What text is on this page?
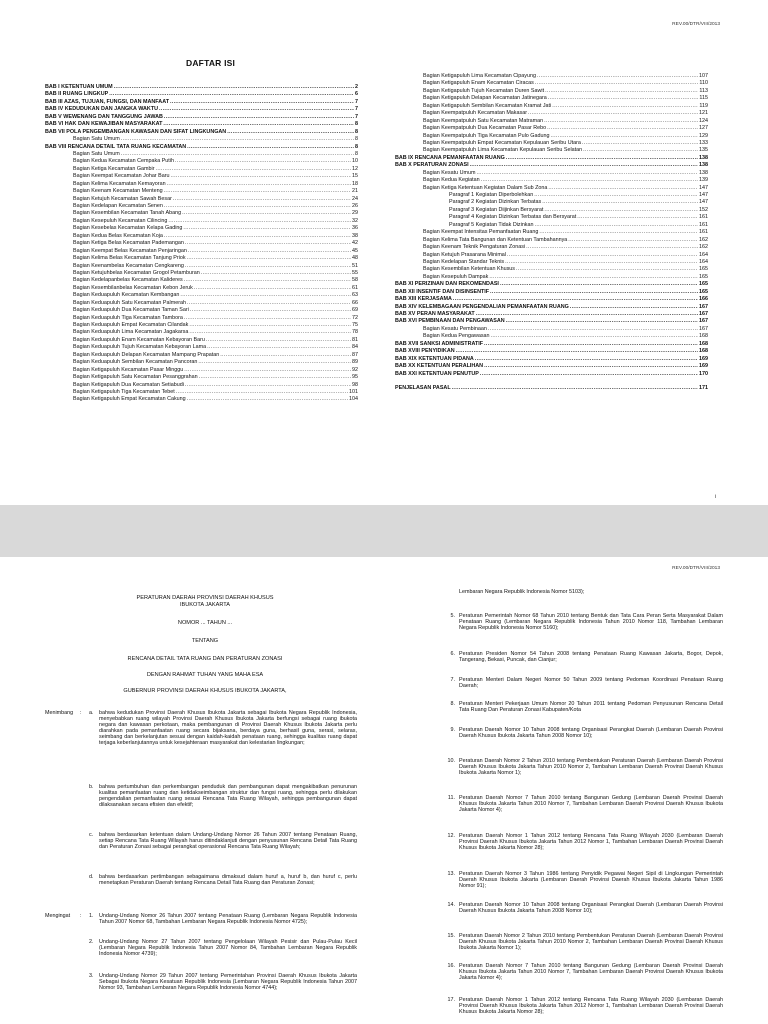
REV.00/DTR/VIII/2013
DAFTAR ISI
BAB I KETENTUAN UMUM .....	2
BAB II RUANG LINGKUP .....	6
BAB III AZAS, TUJUAN, FUNGSI, DAN MANFAAT .....	7
BAB IV KEDUDUKAN DAN JANGKA WAKTU .....	7
BAB V WEWENANG DAN TANGGUNG JAWAB .....	7
BAB VI HAK DAN KEWAJIBAN MASYARAKAT .....	8
BAB VII POLA PENGEMBANGAN KAWASAN DAN SIFAT LINGKUNGAN .....	8
Bagian Satu Umum .....	8
BAB VIII RENCANA DETAIL TATA RUANG KECAMATAN .....	8
Bagian Satu Umum .....	8
Bagian Kedua Kecamatan Cempaka Putih .....	10
Bagian Ketiga Kecamatan Gambir .....	12
Bagian Keempat Kecamatan Johar Baru .....	15
Bagian Kelima Kecamatan Kemayoran .....	18
Bagian Keenam Kecamatan Menteng .....	21
Bagian Ketujuh Kecamatan Sawah Besar .....	24
Bagian Kedelapan Kecamatan Senen .....	26
Bagian Kesembilan Kecamatan Tanah Abang .....	29
Bagian Kesepuluh Kecamatan Cilincing .....	32
Bagian Kesebelas Kecamatan Kelapa Gading .....	36
Bagian Kedua Belas Kecamatan Koja .....	38
Bagian Ketiga Belas Kecamatan Pademangan .....	42
Bagian Keempat Belas Kecamatan Penjaringan .....	45
Bagian Kelima Belas Kecamatan Tanjung Priok .....	48
Bagian Keenambelas Kecamatan Cengkareng .....	51
Bagian Ketujuhbelas Kecamatan Grogol Petamburan .....	55
Bagian Kedelapanbelas Kecamatan Kalideres .....	58
Bagian Kesembilanbelas Kecamatan Kebon Jeruk .....	61
Bagian Keduapuluh Kecamatan Kembangan .....	63
Bagian Keduapuluh Satu Kecamatan Palmerah .....	66
Bagian Keduapuluh Dua Kecamatan Taman Sari .....	69
Bagian Keduapuluh Tiga Kecamatan Tambora .....	72
Bagian Keduapuluh Empat Kecamatan Cilandak .....	75
Bagian Keduapuluh Lima Kecamatan Jagakarsa .....	78
Bagian Keduapuluh Enam Kecamatan Kebayoran Baru .....	81
Bagian Keduapuluh Tujuh Kecamatan Kebayoran Lama .....	84
Bagian Keduapuluh Delapan Kecamatan Mampang Prapatan .....	87
Bagian Keduapuluh Sembilan Kecamatan Pancoran .....	89
Bagian Ketigapuluh Kecamatan Pasar Minggu .....	92
Bagian Ketigapuluh Satu Kecamatan Pesanggrahan .....	95
Bagian Ketigapuluh Dua Kecamatan Setiabudi .....	98
Bagian Ketigapuluh Tiga Kecamatan Tebet .....	101
Bagian Ketigapuluh Empat Kecamatan Cakung .....	104
Bagian Ketigapuluh Lima Kecamatan Cipayung .....	107
Bagian Ketigapuluh Enam Kecamatan Ciracas .....	110
Bagian Ketigapuluh Tujuh Kecamatan Duren Sawit .....	113
Bagian Ketigapuluh Delapan Kecamatan Jatinegara .....	115
Bagian Ketigapuluh Sembilan Kecamatan Kramat Jati .....	119
Bagian Keempatpuluh Kecamatan Makasar .....	121
Bagian Keempatpuluh Satu Kecamatan Matraman .....	124
Bagian Keempatpuluh Dua Kecamatan Pasar Rebo .....	127
Bagian Keempatpuluh Tiga Kecamatan Pulo Gadung .....	129
Bagian Keempatpuluh Empat Kecamatan Kepulauan Seribu Utara .....	133
Bagian Keempatpuluh Lima Kecamatan Kepulauan Seribu Selatan .....	135
BAB IX RENCANA PEMANFAATAN RUANG .....	138
BAB X PERATURAN ZONASI .....	138
Bagian Kesatu Umum .....	138
Bagian Kedua Kegiatan .....	139
Bagian Ketiga Ketentuan Kegiatan Dalam Sub Zona .....	147
Paragraf 1 Kegiatan Diperbolehkan .....	147
Paragraf 2 Kegiatan Dizinkan Terbatas .....	147
Paragraf 3 Kegiatan Diijinkan Bersyarat .....	152
Paragraf 4 Kegiatan Dizinkan Terbatas dan Bersyarat .....	161
Paragraf 5 Kegiatan Tidak Dizinkan .....	161
Bagian Keempat Intensitas Pemanfaatan Ruang .....	161
Bagian Kelima Tata Bangunan dan Ketentuan Tambahannya .....	162
Bagian Keenam Teknik Pengaturan Zonasi .....	162
Bagian Ketujuh Prasarana Minimal .....	164
Bagian Kedelapan Standar Teknis .....	164
Bagian Kesembilan Ketentuan Khusus .....	165
Bagian Kesepuluh Dampak .....	165
BAB XI PERIZINAN DAN REKOMENDASI .....	165
BAB XII INSENTIF DAN DISINSENTIF .....	165
BAB XIII KERJASAMA .....	166
BAB XIV KELEMBAGAAN PENGENDALIAN PEMANFAATAN RUANG .....	167
BAB XV PERAN MASYARAKAT .....	167
BAB XVI PEMBINAAN DAN PENGAWASAN .....	167
Bagian Kesatu Pembinaan .....	167
Bagian Kedua Pengawasan .....	168
BAB XVII SANKSI ADMINISTRATIF .....	168
BAB XVIII PENYIDIKAN .....	168
BAB XIX KETENTUAN PIDANA .....	169
BAB XX KETENTUAN PERALIHAN .....	169
BAB XXI KETENTUAN PENUTUP .....	170
PENJELASAN PASAL .....	171
i
REV.00/DTR/VIII/2013
PERATURAN DAERAH PROVINSI DAERAH KHUSUS
IBUKOTA JAKARTA
NOMOR ... TAHUN ...
TENTANG
RENCANA DETAIL TATA RUANG DAN PERATURAN ZONASI
DENGAN RAHMAT TUHAN YANG MAHA ESA
GUBERNUR PROVINSI DAERAH KHUSUS IBUKOTA JAKARTA,
Menimbang	:	a.	bahwa kedudukan Provinsi Daerah Khusus Ibukota Jakarta sebagai Ibukota Negara Republik Indonesia, menyebabkan ruang wilayah Provinsi Daerah Khusus Ibukota Jakarta berfungsi sebagai ruang ibukota negara dan kawasan perkotaan, maka pembangunan di Provinsi Daerah Khusus Ibukota Jakarta perlu diarahkan pada pemanfaatan ruang secara bijaksana, berdaya guna, berhasil guna, serasi, selaras, seimbang dan berkelanjutan sesuai dengan kaidah-kaidah penataan ruang, sehingga kualitas ruang dapat terjaga keberlanjutannya untuk kesejahteraan masyarakat dan kelestarian lingkungan;
b.	bahwa pertumbuhan dan perkembangan penduduk dan pembangunan dapat mengakibatkan penurunan kualitas pemanfaatan ruang dan ketidakseimbangan struktur dan fungsi ruang, sehingga perlu dilakukan pengendalian pemanfaatan ruang sesuai Rencana Tata Ruang Wilayah, sehingga pembangunan dapat dilaksanakan secara efisien dan efektif;
c.	bahwa berdasarkan ketentuan dalam Undang-Undang Nomor 26 Tahun 2007 tentang Penataan Ruang, setiap Rencana Tata Ruang Wilayah harus ditindaklanjuti dengan penyusunan Rencana Detail Tata Ruang dan Peraturan Zonasi sebagai perangkat operasional Rencana Tata Ruang Wilayah;
d.	bahwa berdasarkan pertimbangan sebagaimana dimaksud dalam huruf a, huruf b, dan huruf c, perlu menetapkan Peraturan Daerah tentang Rencana Detail Tata Ruang dan Peraturan Zonasi;
Mengingat	:	1.	Undang-Undang Nomor 26 Tahun 2007 tentang Penataan Ruang (Lembaran Negara Republik Indonesia Tahun 2007 Nomor 68, Tambahan Lembaran Negara Republik Indonesia Nomor 4725);
2.	Undang-Undang Nomor 27 Tahun 2007 tentang Pengelolaan Wilayah Pesisir dan Pulau-Pulau Kecil (Lembaran Negara Republik Indonesia Tahun 2007 Nomor 84, Tambahan Lembaran Negara Republik Indonesia Nomor 4739);
3.	Undang-Undang Nomor 29 Tahun 2007 tentang Pemerintahan Provinsi Daerah Khusus Ibukota Jakarta Sebagai Ibukota Negara Kesatuan Republik Indonesia (Lembaran Negara Republik Indonesia Tahun 2007 Nomor 93, Tambahan Lembaran Negara Republik Indonesia Nomor 4744);
Lembaran Negara Republik Indonesia Nomor 5103);
5. Peraturan Pemerintah Nomor 68 Tahun 2010 tentang Bentuk dan Tata Cara Peran Serta Masyarakat Dalam Penataan Ruang (Lembaran Negara Republik Indonesia Tahun 2010 Nomor 118, Tambahan Lembaran Negara Republik Indonesia Nomor 5160);
6. Peraturan Presiden Nomor 54 Tahun 2008 tentang Penataan Ruang Kawasan Jakarta, Bogor, Depok, Tangerang, Bekasi, Puncak, dan Cianjur;
7. Peraturan Menteri Dalam Negeri Nomor 50 Tahun 2009 tentang Pedoman Koordinasi Penataan Ruang Daerah;
8. Peraturan Menteri Pekerjaan Umum Nomor 20 Tahun 2011 tentang Pedoman Penyusunan Rencana Detail Tata Ruang Dan Peraturan Zonasi Kabupaten/Kota
9. Peraturan Daerah Nomor 10 Tahun 2008 tentang Organisasi Perangkat Daerah (Lembaran Daerah Provinsi Daerah Khusus Ibukota Jakarta Tahun 2008 Nomor 10);
10. Peraturan Daerah Nomor 2 Tahun 2010 tentang Pembentukan Peraturan Daerah (Lembaran Daerah Provinsi Daerah Khusus Ibukota Jakarta Tahun 2010 Nomor 2, Tambahan Lembaran Daerah Provinsi Daerah Khusus Ibukota Jakarta Nomor 1);
11. Peraturan Daerah Nomor 7 Tahun 2010 tentang Bangunan Gedung (Lembaran Daerah Provinsi Daerah Khusus Ibukota Jakarta Tahun 2010 Nomor 7, Tambahan Lembaran Daerah Provinsi Daerah Khusus Ibukota Jakarta Nomor 4);
12. Peraturan Daerah Nomor 1 Tahun 2012 tentang Rencana Tata Ruang Wilayah 2030 (Lembaran Daerah Provinsi Daerah Khusus Ibukota Jakarta Tahun 2012 Nomor 1, Tambahan Lembaran Daerah Provinsi Daerah Khusus Ibukota Jakarta Nomor 28);
13. Peraturan Daerah Nomor 3 Tahun 1986 tentang Penyidik Pegawai Negeri Sipil di Lingkungan Pemerintah Daerah Khusus Ibukota Jakarta (Lembaran Daerah Provinsi Daerah Khusus Ibukota Jakarta Tahun 1986 Nomor 91);
14. Peraturan Daerah Nomor 10 Tahun 2008 tentang Organisasi Perangkat Daerah (Lembaran Daerah Provinsi Daerah Khusus Ibukota Jakarta Tahun 2008 Nomor 10);
15. Peraturan Daerah Nomor 2 Tahun 2010 tentang Pembentukan Peraturan Daerah (Lembaran Daerah Provinsi Daerah Khusus Ibukota Jakarta Tahun 2010 Nomor 2, Tambahan Lembaran Daerah Provinsi Daerah Khusus Ibukota Jakarta Nomor 1);
16. Peraturan Daerah Nomor 7 Tahun 2010 tentang Bangunan Gedung (Lembaran Daerah Provinsi Daerah Khusus Ibukota Jakarta Tahun 2010 Nomor 7, Tambahan Lembaran Daerah Provinsi Daerah Khusus Ibukota Jakarta Nomor 4);
17. Peraturan Daerah Nomor 1 Tahun 2012 tentang Rencana Tata Ruang Wilayah 2030 (Lembaran Daerah Provinsi Daerah Khusus Ibukota Jakarta Tahun 2012 Nomor 1, Tambahan Lembaran Daerah Provinsi Daerah Khusus Ibukota Jakarta Nomor 28);
